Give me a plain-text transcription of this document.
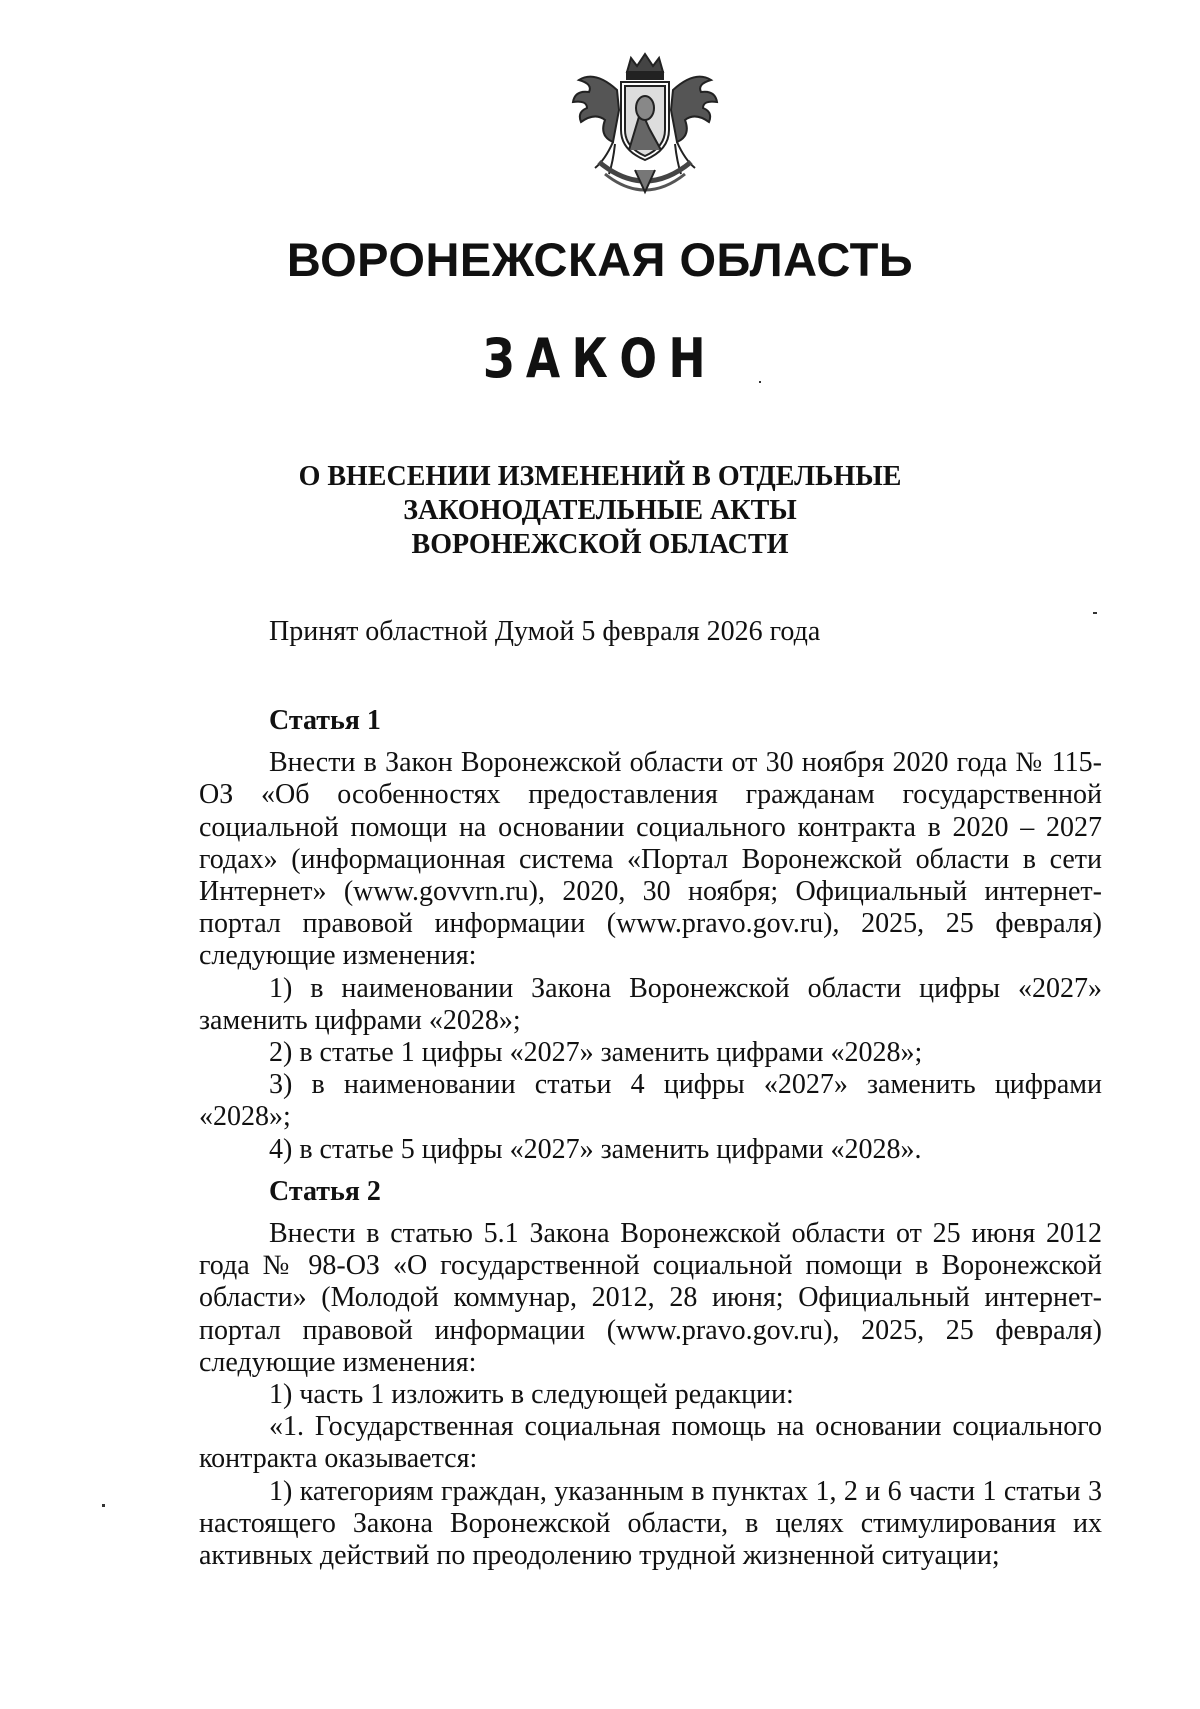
ВОРОНЕЖСКАЯ ОБЛАСТЬ
ЗАКОН
О ВНЕСЕНИИ ИЗМЕНЕНИЙ В ОТДЕЛЬНЫЕ
ЗАКОНОДАТЕЛЬНЫЕ АКТЫ
ВОРОНЕЖСКОЙ ОБЛАСТИ
Принят областной Думой 5 февраля 2026 года
Статья 1

Внести в Закон Воронежской области от 30 ноября 2020 года № 115-ОЗ «Об особенностях предоставления гражданам государственной социальной помощи на основании социального контракта в 2020 – 2027 годах» (информационная система «Портал Воронежской области в сети Интернет» (www.govvrn.ru), 2020, 30 ноября; Официальный интернет-портал правовой информации (www.pravo.gov.ru), 2025, 25 февраля) следующие изменения:

1) в наименовании Закона Воронежской области цифры «2027» заменить цифрами «2028»;

2) в статье 1 цифры «2027» заменить цифрами «2028»;

3) в наименовании статьи 4 цифры «2027» заменить цифрами «2028»;

4) в статье 5 цифры «2027» заменить цифрами «2028».

Статья 2

Внести в статью 5.1 Закона Воронежской области от 25 июня 2012 года № 98-ОЗ «О государственной социальной помощи в Воронежской области» (Молодой коммунар, 2012, 28 июня; Официальный интернет-портал правовой информации (www.pravo.gov.ru), 2025, 25 февраля) следующие изменения:

1) часть 1 изложить в следующей редакции:

«1. Государственная социальная помощь на основании социального контракта оказывается:

1) категориям граждан, указанным в пунктах 1, 2 и 6 части 1 статьи 3 настоящего Закона Воронежской области, в целях стимулирования их активных действий по преодолению трудной жизненной ситуации;
